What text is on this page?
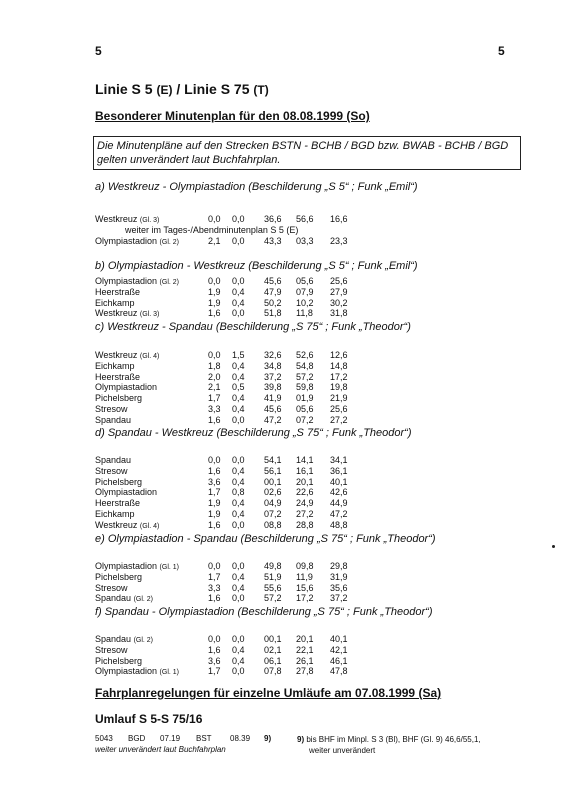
5	5
Linie S 5 (E) / Linie S 75 (T)
Besonderer Minutenplan für den 08.08.1999 (So)
Die Minutenpläne auf den Strecken BSTN - BCHB / BGD bzw. BWAB - BCHB / BGD
gelten unverändert laut Buchfahrplan.
a) Westkreuz - Olympiastadion (Beschilderung „S 5“ ; Funk „Emil“)
Westkreuz (Gl. 3)	0,0 0,0 36,6 56,6 16,6
weiter im Tages-/Abendminutenplan S 5 (E)
Olympiastadion (Gl. 2)	2,1 0,0 43,3 03,3 23,3
b) Olympiastadion - Westkreuz (Beschilderung „S 5“ ; Funk „Emil“)
Olympiastadion (Gl. 2)	0,0 0,0 45,6 05,6 25,6
Heerstraße	1,9 0,4 47,9 07,9 27,9
Eichkamp	1,9 0,4 50,2 10,2 30,2
Westkreuz (Gl. 3)	1,6 0,0 51,8 11,8 31,8
c) Westkreuz - Spandau (Beschilderung „S 75“ ; Funk „Theodor“)
Westkreuz (Gl. 4)	0,0 1,5 32,6 52,6 12,6
Eichkamp	1,8 0,4 34,8 54,8 14,8
Heerstraße	2,0 0,4 37,2 57,2 17,2
Olympiastadion	2,1 0,5 39,8 59,8 19,8
Pichelsberg	1,7 0,4 41,9 01,9 21,9
Stresow	3,3 0,4 45,6 05,6 25,6
Spandau	1,6 0,0 47,2 07,2 27,2
d) Spandau - Westkreuz (Beschilderung „S 75“ ; Funk „Theodor“)
Spandau	0,0 0,0 54,1 14,1 34,1
Stresow	1,6 0,4 56,1 16,1 36,1
Pichelsberg	3,6 0,4 00,1 20,1 40,1
Olympiastadion	1,7 0,8 02,6 22,6 42,6
Heerstraße	1,9 0,4 04,9 24,9 44,9
Eichkamp	1,9 0,4 07,2 27,2 47,2
Westkreuz (Gl. 4)	1,6 0,0 08,8 28,8 48,8
e) Olympiastadion - Spandau (Beschilderung „S 75“ ; Funk „Theodor“)
Olympiastadion (Gl. 1)	0,0 0,0 49,8 09,8 29,8
Pichelsberg	1,7 0,4 51,9 11,9 31,9
Stresow	3,3 0,4 55,6 15,6 35,6
Spandau (Gl. 2)	1,6 0,0 57,2 17,2 37,2
f) Spandau - Olympiastadion (Beschilderung „S 75“ ; Funk „Theodor“)
Spandau (Gl. 2)	0,0 0,0 00,1 20,1 40,1
Stresow	1,6 0,4 02,1 22,1 42,1
Pichelsberg	3,6 0,4 06,1 26,1 46,1
Olympiastadion (Gl. 1)	1,7 0,0 07,8 27,8 47,8
Fahrplanregelungen für einzelne Umläufe am 07.08.1999 (Sa)
Umlauf S 5-S 75/16
5043 BGD 07.19 BST 08.39 9)
weiter unverändert laut Buchfahrplan
9) bis BHF im Minpl. S 3 (Bl), BHF (Gl. 9) 46,6/55,1,
weiter unverändert
